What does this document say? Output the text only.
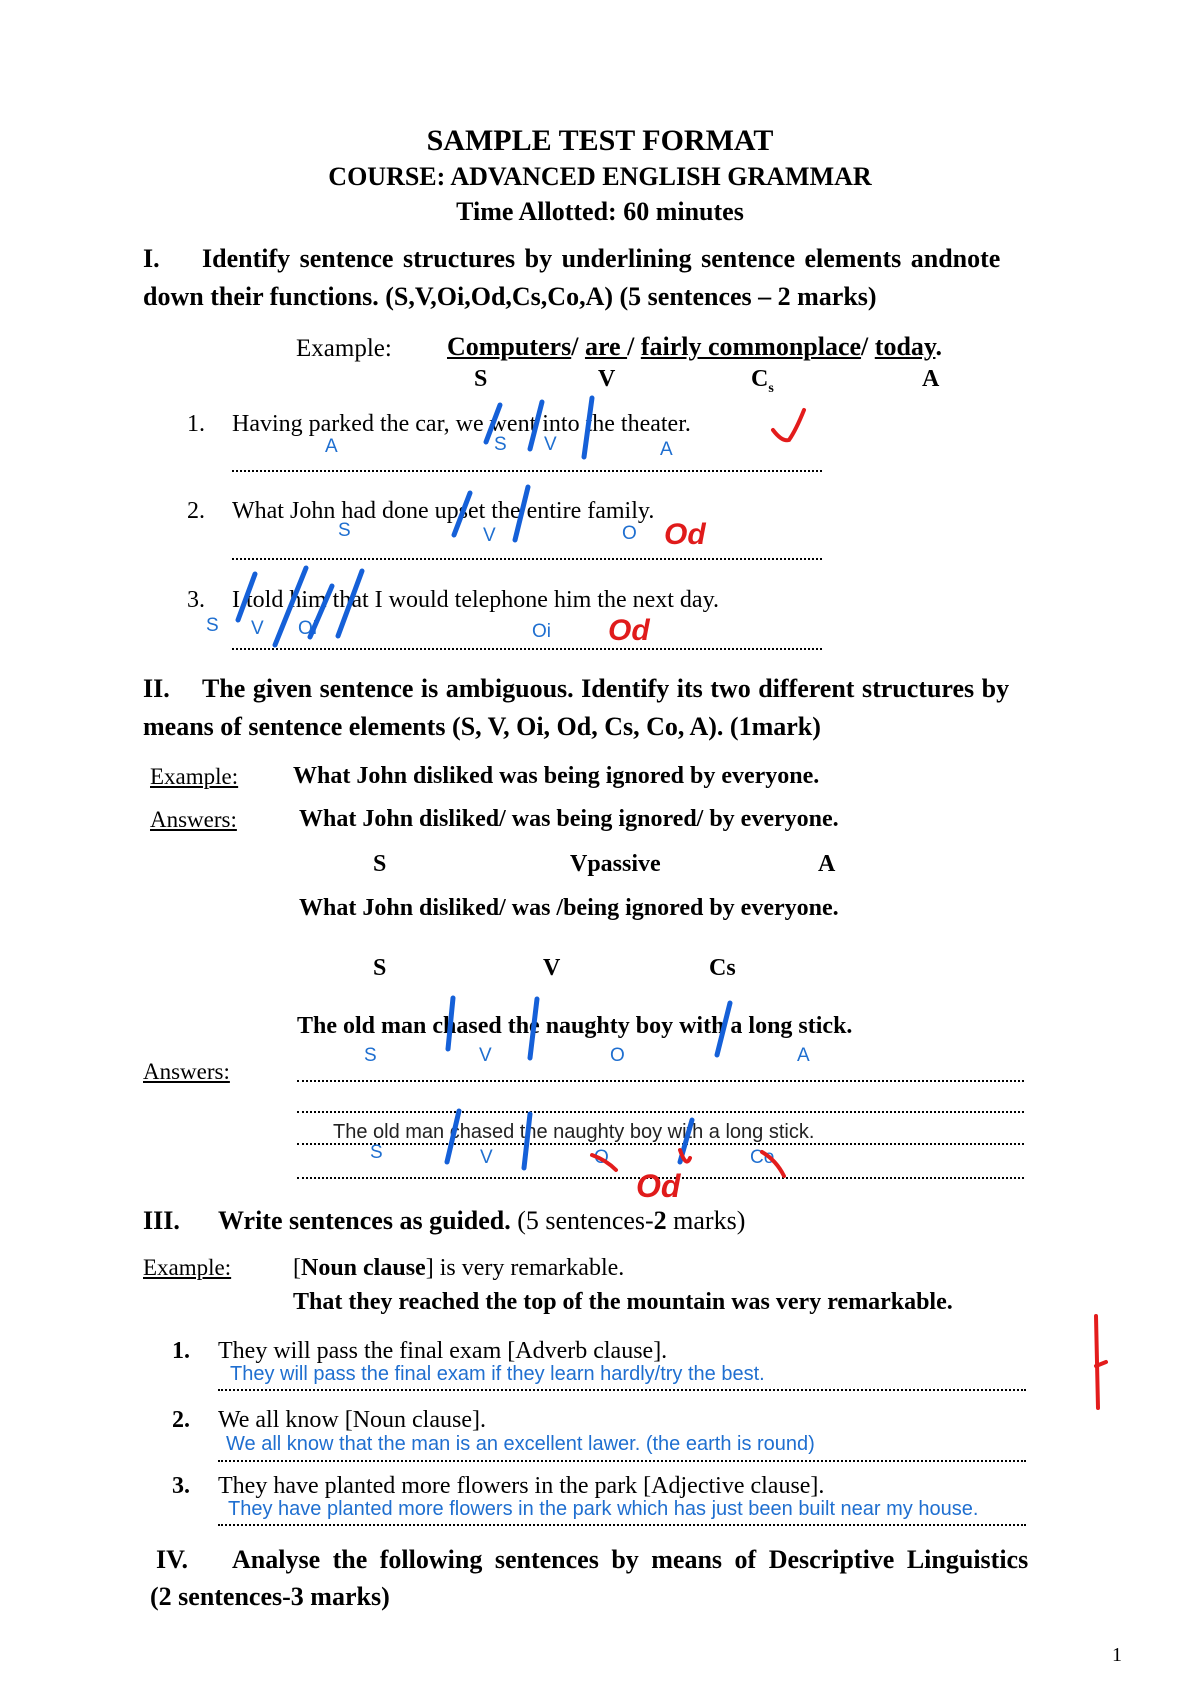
SAMPLE TEST FORMAT
COURSE: ADVANCED ENGLISH GRAMMAR
Time Allotted: 60 minutes
I. Identify sentence structures by underlining sentence elements andnote
down their functions. (S,V,Oi,Od,Cs,Co,A) (5 sentences – 2 marks)
Example: Computers/ are / fairly commonplace/ today.
S	V	$C_s$	A
1. Having parked the car, we went into the theater.
A	S V	A
2. What John had done upset the entire family.
S	V	O Od
3. I told him that I would telephone him the next day.
S V Oi	Oi Od
II. The given sentence is ambiguous. Identify its two different structures by
means of sentence elements (S, V, Oi, Od, Cs, Co, A). (1mark)
Example: What John disliked was being ignored by everyone.
Answers:	What John disliked/ was being ignored/ by everyone.
S	Vpassive	A
What John disliked/ was /being ignored by everyone.
S	V	Cs
The old man chased the naughty boy with a long stick.
S	V	O	A
Answers:
The old man chased the naughty boy with a long stick.
S	V	O	Co
Od
III. Write sentences as guided. (5 sentences-2 marks)
Example:	[Noun clause] is very remarkable.
That they reached the top of the mountain was very remarkable.
1. They will pass the final exam [Adverb clause].
They will pass the final exam if they learn hardly/try the best.
2. We all know [Noun clause].
We all know that the man is an excellent lawer. (the earth is round)
3. They have planted more flowers in the park [Adjective clause].
They have planted more flowers in the park which has just been built near my house.
IV. Analyse the following sentences by means of Descriptive Linguistics
(2 sentences-3 marks)
1
